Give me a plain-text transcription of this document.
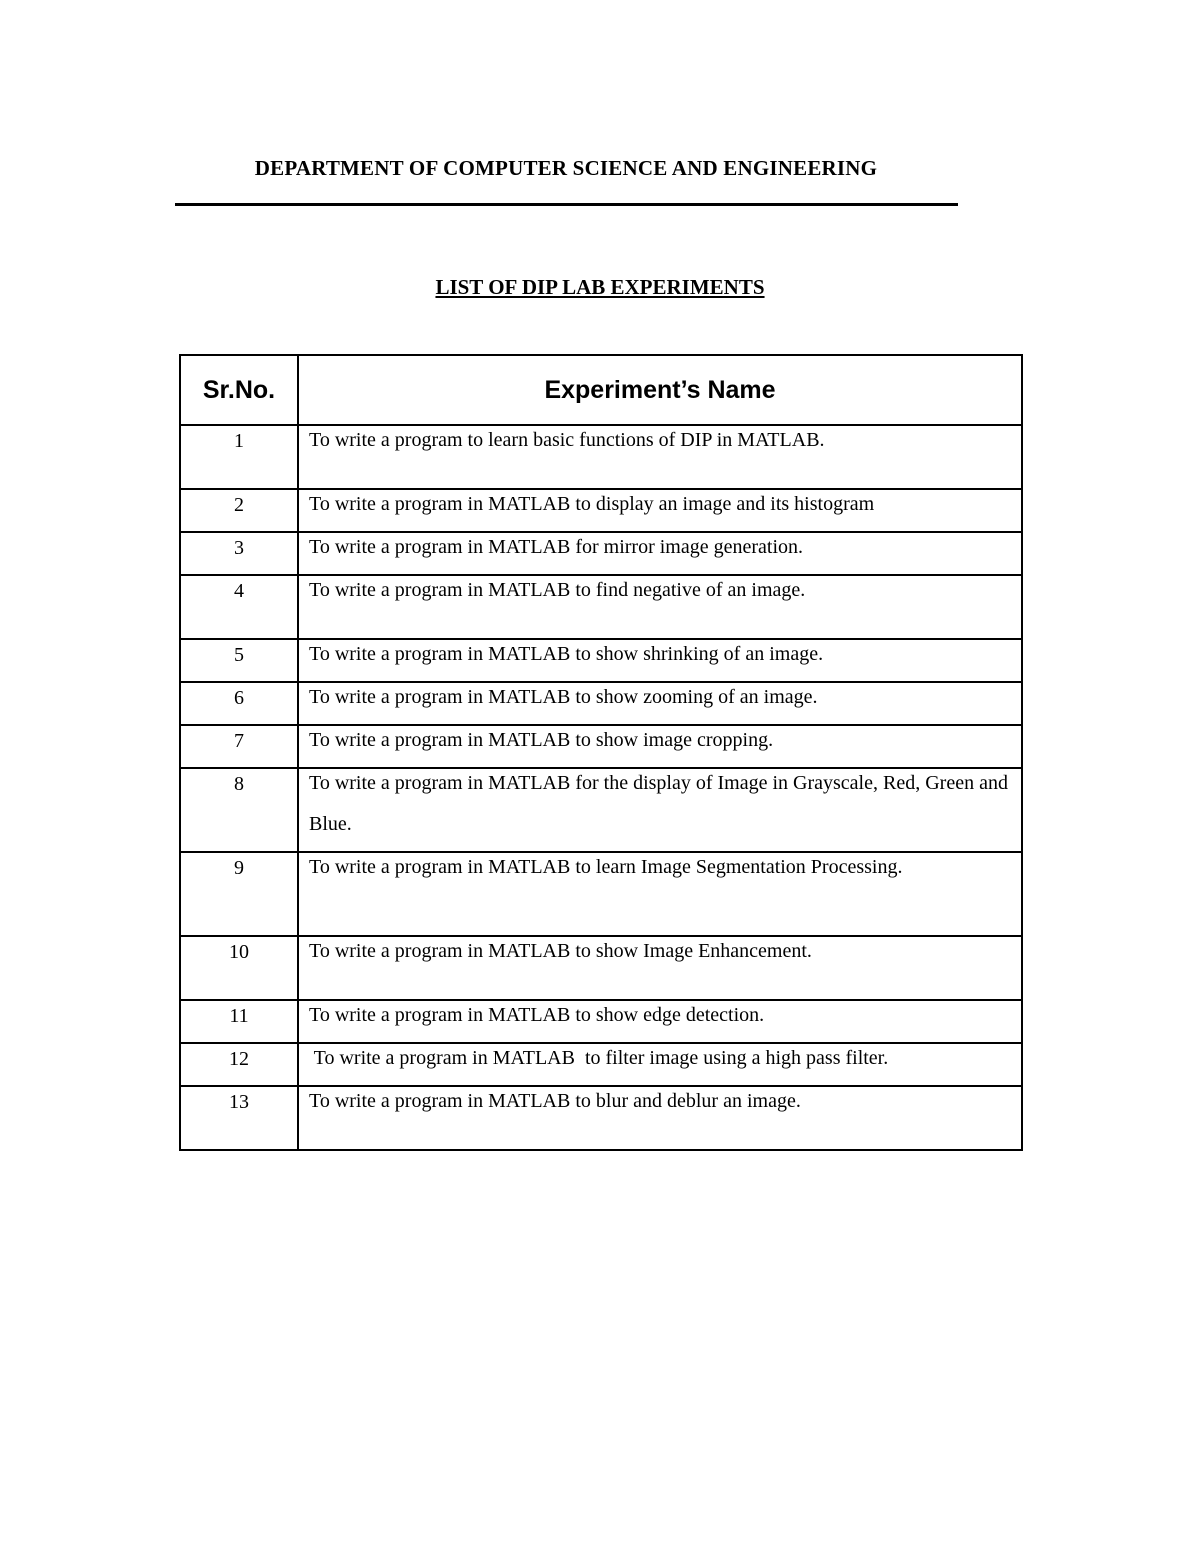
DEPARTMENT OF COMPUTER SCIENCE AND ENGINEERING
LIST OF DIP LAB EXPERIMENTS
Sr.No.	Experiment’s Name
1	To write a program to learn basic functions of DIP in MATLAB.

2	To write a program in MATLAB to display an image and its histogram

3	To write a program in MATLAB for mirror image generation.

4	To write a program in MATLAB to find negative of an image.

5	To write a program in MATLAB to show shrinking of an image.

6	To write a program in MATLAB to show zooming of an image.

7	To write a program in MATLAB to show image cropping.

8	To write a program in MATLAB for the display of Image in Grayscale, Red, Green and Blue.

9	To write a program in MATLAB to learn Image Segmentation Processing.

10	To write a program in MATLAB to show Image Enhancement.

11	To write a program in MATLAB to show edge detection.

12	To write a program in MATLAB  to filter image using a high pass filter.

13	To write a program in MATLAB to blur and deblur an image.
